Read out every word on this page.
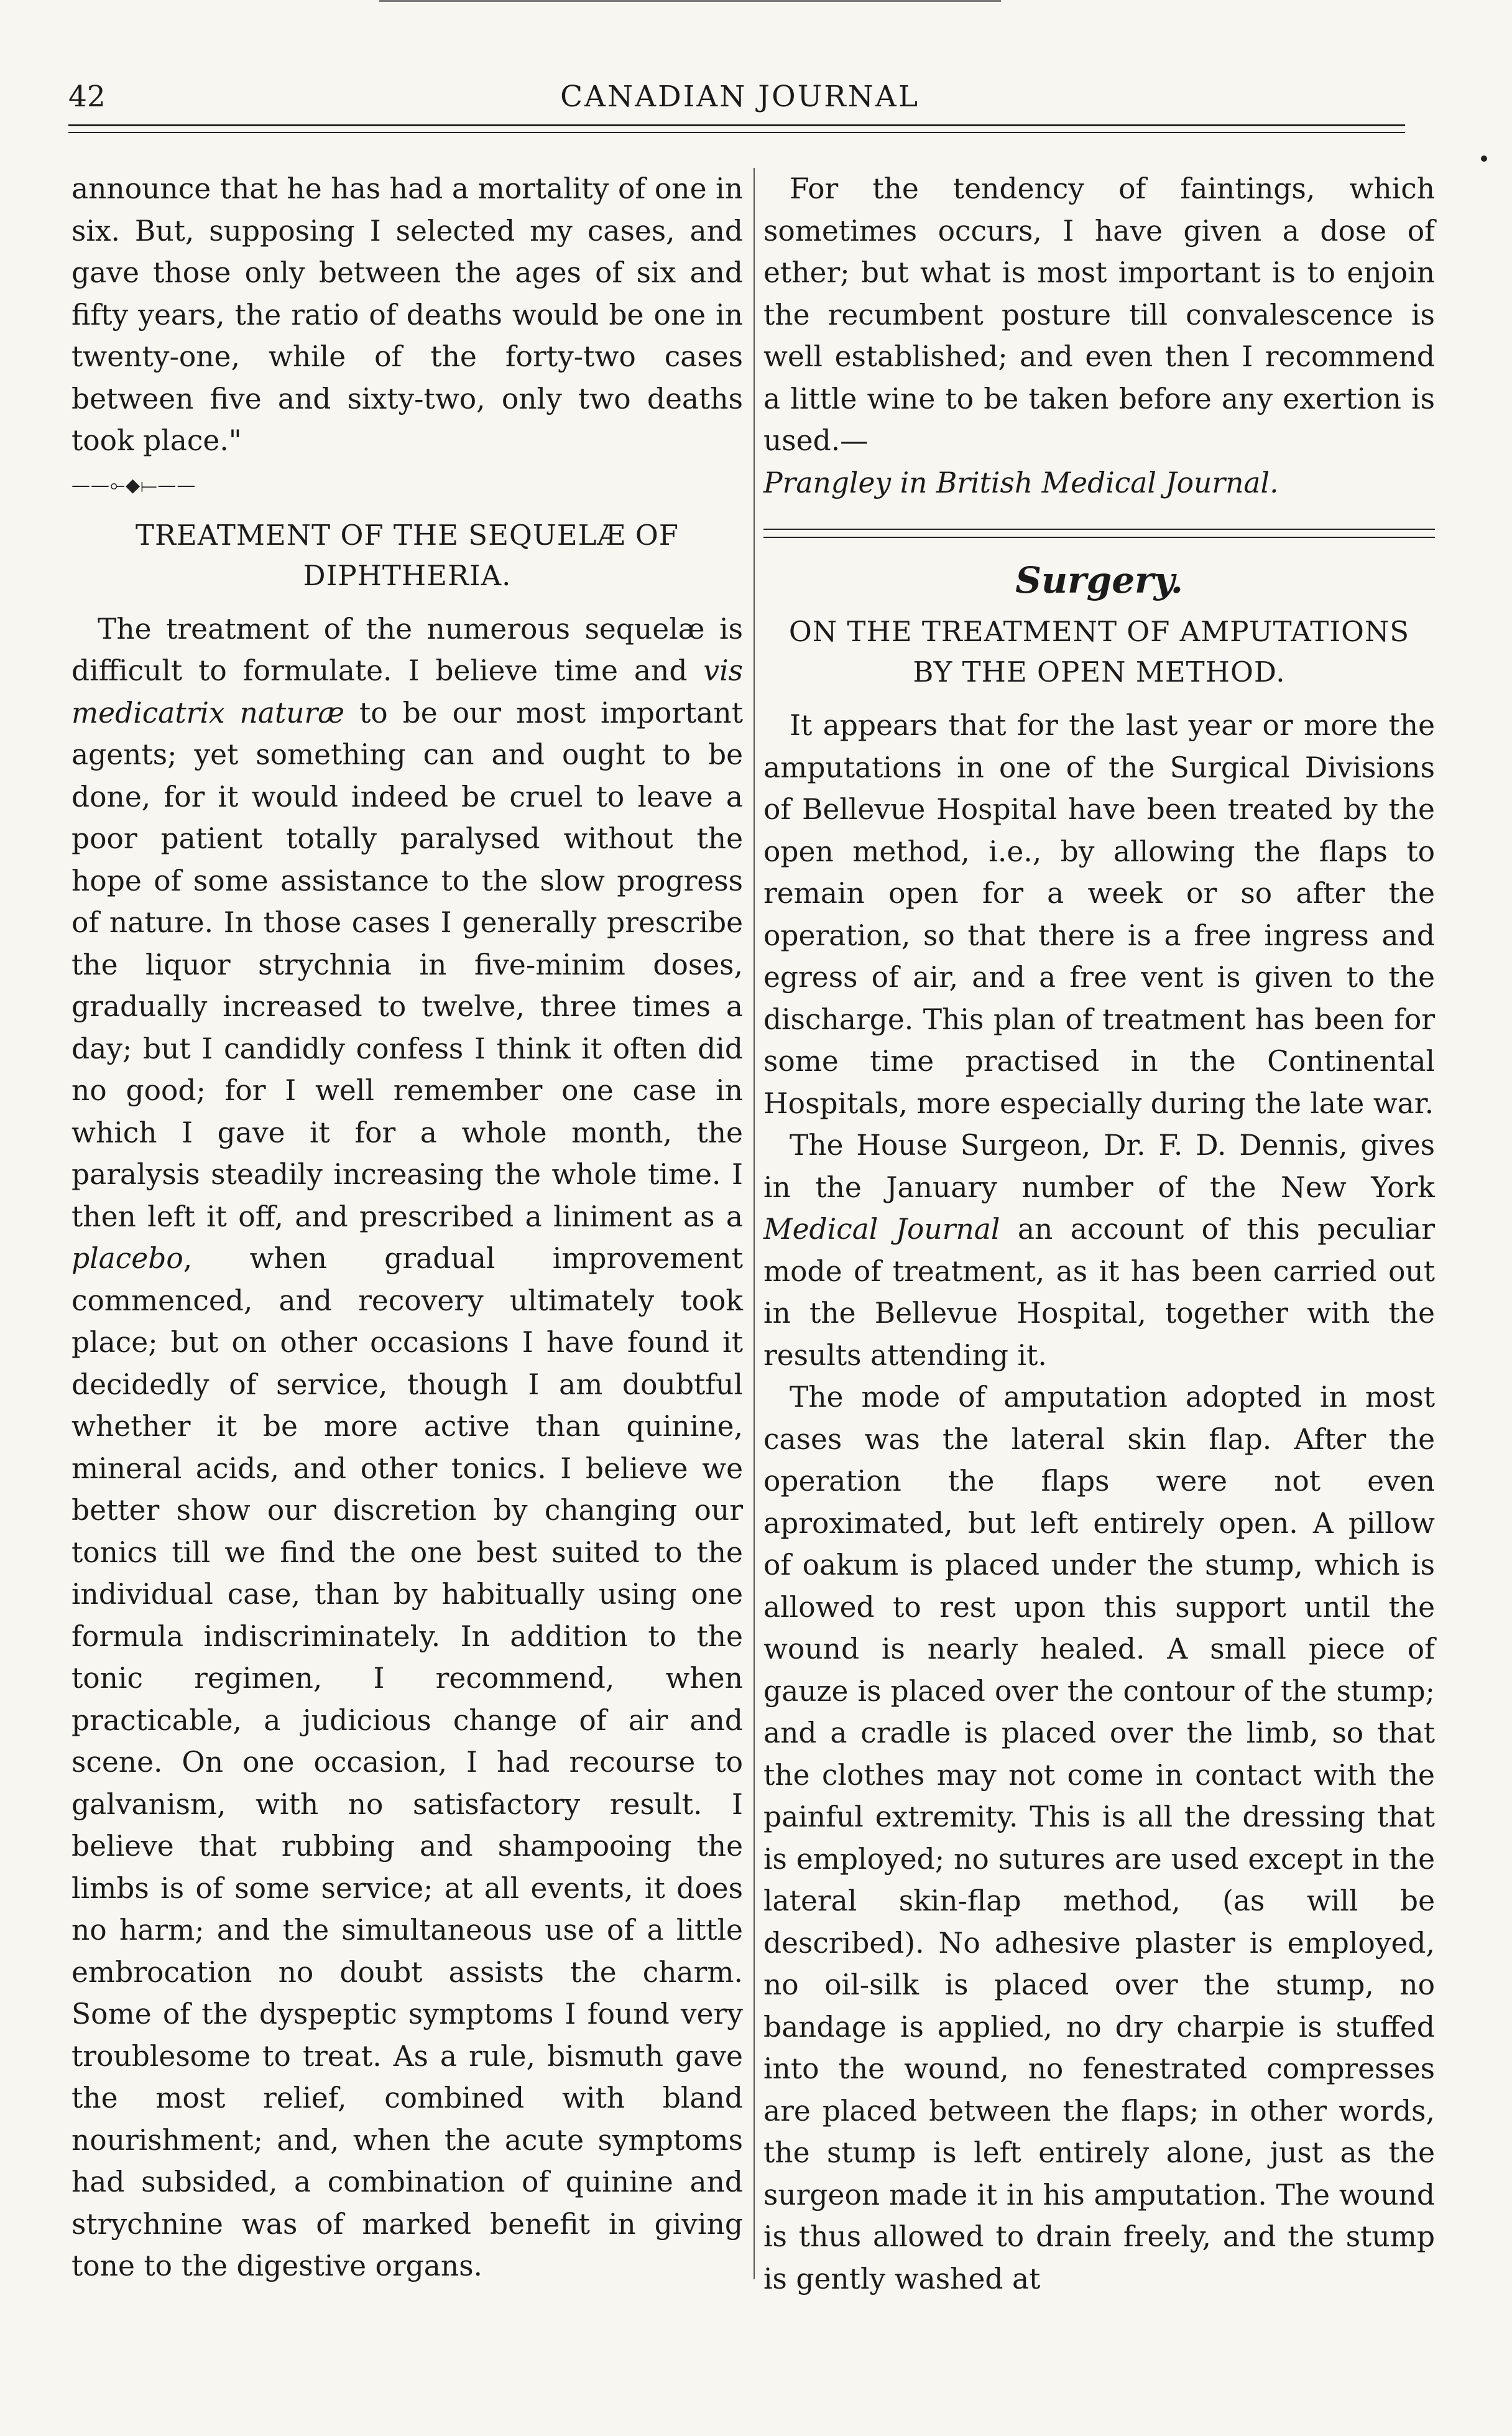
42	CANADIAN JOURNAL

announce that he has had a mortality of one in six. But, supposing I selected my cases, and gave those only between the ages of six and fifty years, the ratio of deaths would be one in twenty-one, while of the forty-two cases between five and sixty-two, only two deaths took place."

——⟜◆⟝——
TREATMENT OF THE SEQUELÆ OF DIPHTHERIA.

The treatment of the numerous sequelæ is difficult to formulate. I believe time and vis medicatrix naturæ to be our most important agents; yet something can and ought to be done, for it would indeed be cruel to leave a poor patient totally paralysed without the hope of some assistance to the slow progress of nature. In those cases I generally prescribe the liquor strychnia in five-minim doses, gradually increased to twelve, three times a day; but I candidly confess I think it often did no good; for I well remember one case in which I gave it for a whole month, the paralysis steadily increasing the whole time. I then left it off, and prescribed a liniment as a placebo, when gradual improvement commenced, and recovery ultimately took place; but on other occasions I have found it decidedly of service, though I am doubtful whether it be more active than quinine, mineral acids, and other tonics. I believe we better show our discretion by changing our tonics till we find the one best suited to the individual case, than by habitually using one formula indiscriminately. In addition to the tonic regimen, I recommend, when practicable, a judicious change of air and scene. On one occasion, I had recourse to galvanism, with no satisfactory result. I believe that rubbing and shampooing the limbs is of some service; at all events, it does no harm; and the simultaneous use of a little embrocation no doubt assists the charm. Some of the dyspeptic symptoms I found very troublesome to treat. As a rule, bismuth gave the most relief, combined with bland nourishment; and, when the acute symptoms had subsided, a combination of quinine and strychnine was of marked benefit in giving tone to the digestive organs.

For the tendency of faintings, which sometimes occurs, I have given a dose of ether; but what is most important is to enjoin the recumbent posture till convalescence is well established; and even then I recommend a little wine to be taken before any exertion is used.—
Prangley in British Medical Journal.

Surgery.
ON THE TREATMENT OF AMPUTATIONS BY THE OPEN METHOD.

It appears that for the last year or more the amputations in one of the Surgical Divisions of Bellevue Hospital have been treated by the open method, i.e., by allowing the flaps to remain open for a week or so after the operation, so that there is a free ingress and egress of air, and a free vent is given to the discharge. This plan of treatment has been for some time practised in the Continental Hospitals, more especially during the late war.

The House Surgeon, Dr. F. D. Dennis, gives in the January number of the New York Medical Journal an account of this peculiar mode of treatment, as it has been carried out in the Bellevue Hospital, together with the results attending it.

The mode of amputation adopted in most cases was the lateral skin flap. After the operation the flaps were not even aproximated, but left entirely open. A pillow of oakum is placed under the stump, which is allowed to rest upon this support until the wound is nearly healed. A small piece of gauze is placed over the contour of the stump; and a cradle is placed over the limb, so that the clothes may not come in contact with the painful extremity. This is all the dressing that is employed; no sutures are used except in the lateral skin-flap method, (as will be described). No adhesive plaster is employed, no oil-silk is placed over the stump, no bandage is applied, no dry charpie is stuffed into the wound, no fenestrated compresses are placed between the flaps; in other words, the stump is left entirely alone, just as the surgeon made it in his amputation. The wound is thus allowed to drain freely, and the stump is gently washed at
